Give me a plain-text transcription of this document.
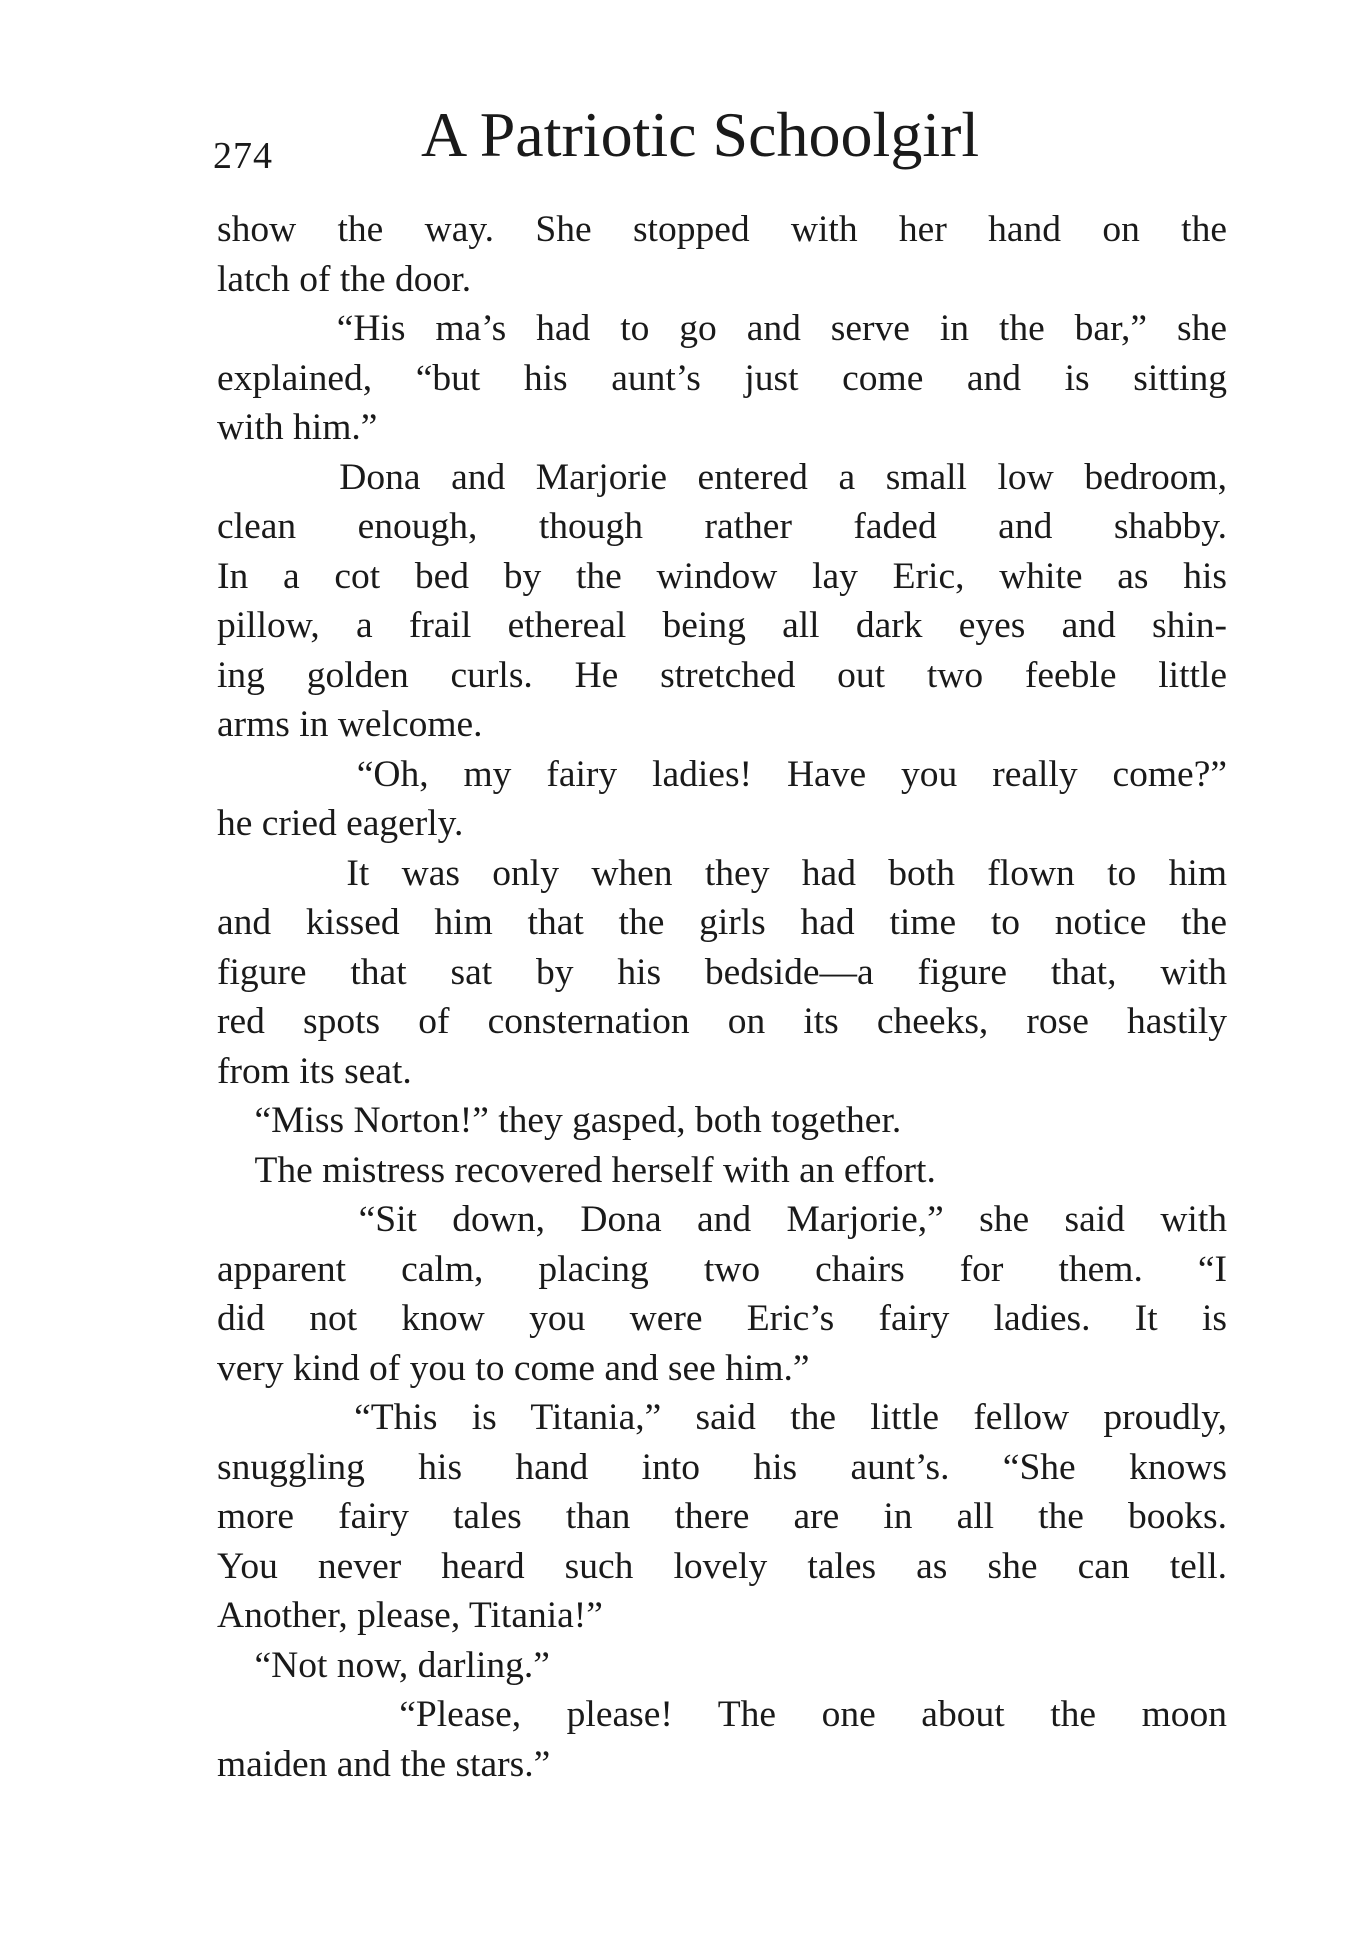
274 A Patriotic Schoolgirl
show the way. She stopped with her hand on the
latch of the door.
“His ma’s had to go and serve in the bar,” she
explained, “but his aunt’s just come and is sitting
with him.”
Dona and Marjorie entered a small low bedroom,
clean enough, though rather faded and shabby.
In a cot bed by the window lay Eric, white as his
pillow, a frail ethereal being all dark eyes and shin-
ing golden curls. He stretched out two feeble little
arms in welcome.
“Oh, my fairy ladies! Have you really come?”
he cried eagerly.
It was only when they had both flown to him
and kissed him that the girls had time to notice the
figure that sat by his bedside—a figure that, with
red spots of consternation on its cheeks, rose hastily
from its seat.
“Miss Norton!” they gasped, both together.
The mistress recovered herself with an effort.
“Sit down, Dona and Marjorie,” she said with
apparent calm, placing two chairs for them. “I
did not know you were Eric’s fairy ladies. It is
very kind of you to come and see him.”
“This is Titania,” said the little fellow proudly,
snuggling his hand into his aunt’s. “She knows
more fairy tales than there are in all the books.
You never heard such lovely tales as she can tell.
Another, please, Titania!”
“Not now, darling.”
“Please, please! The one about the moon
maiden and the stars.”
